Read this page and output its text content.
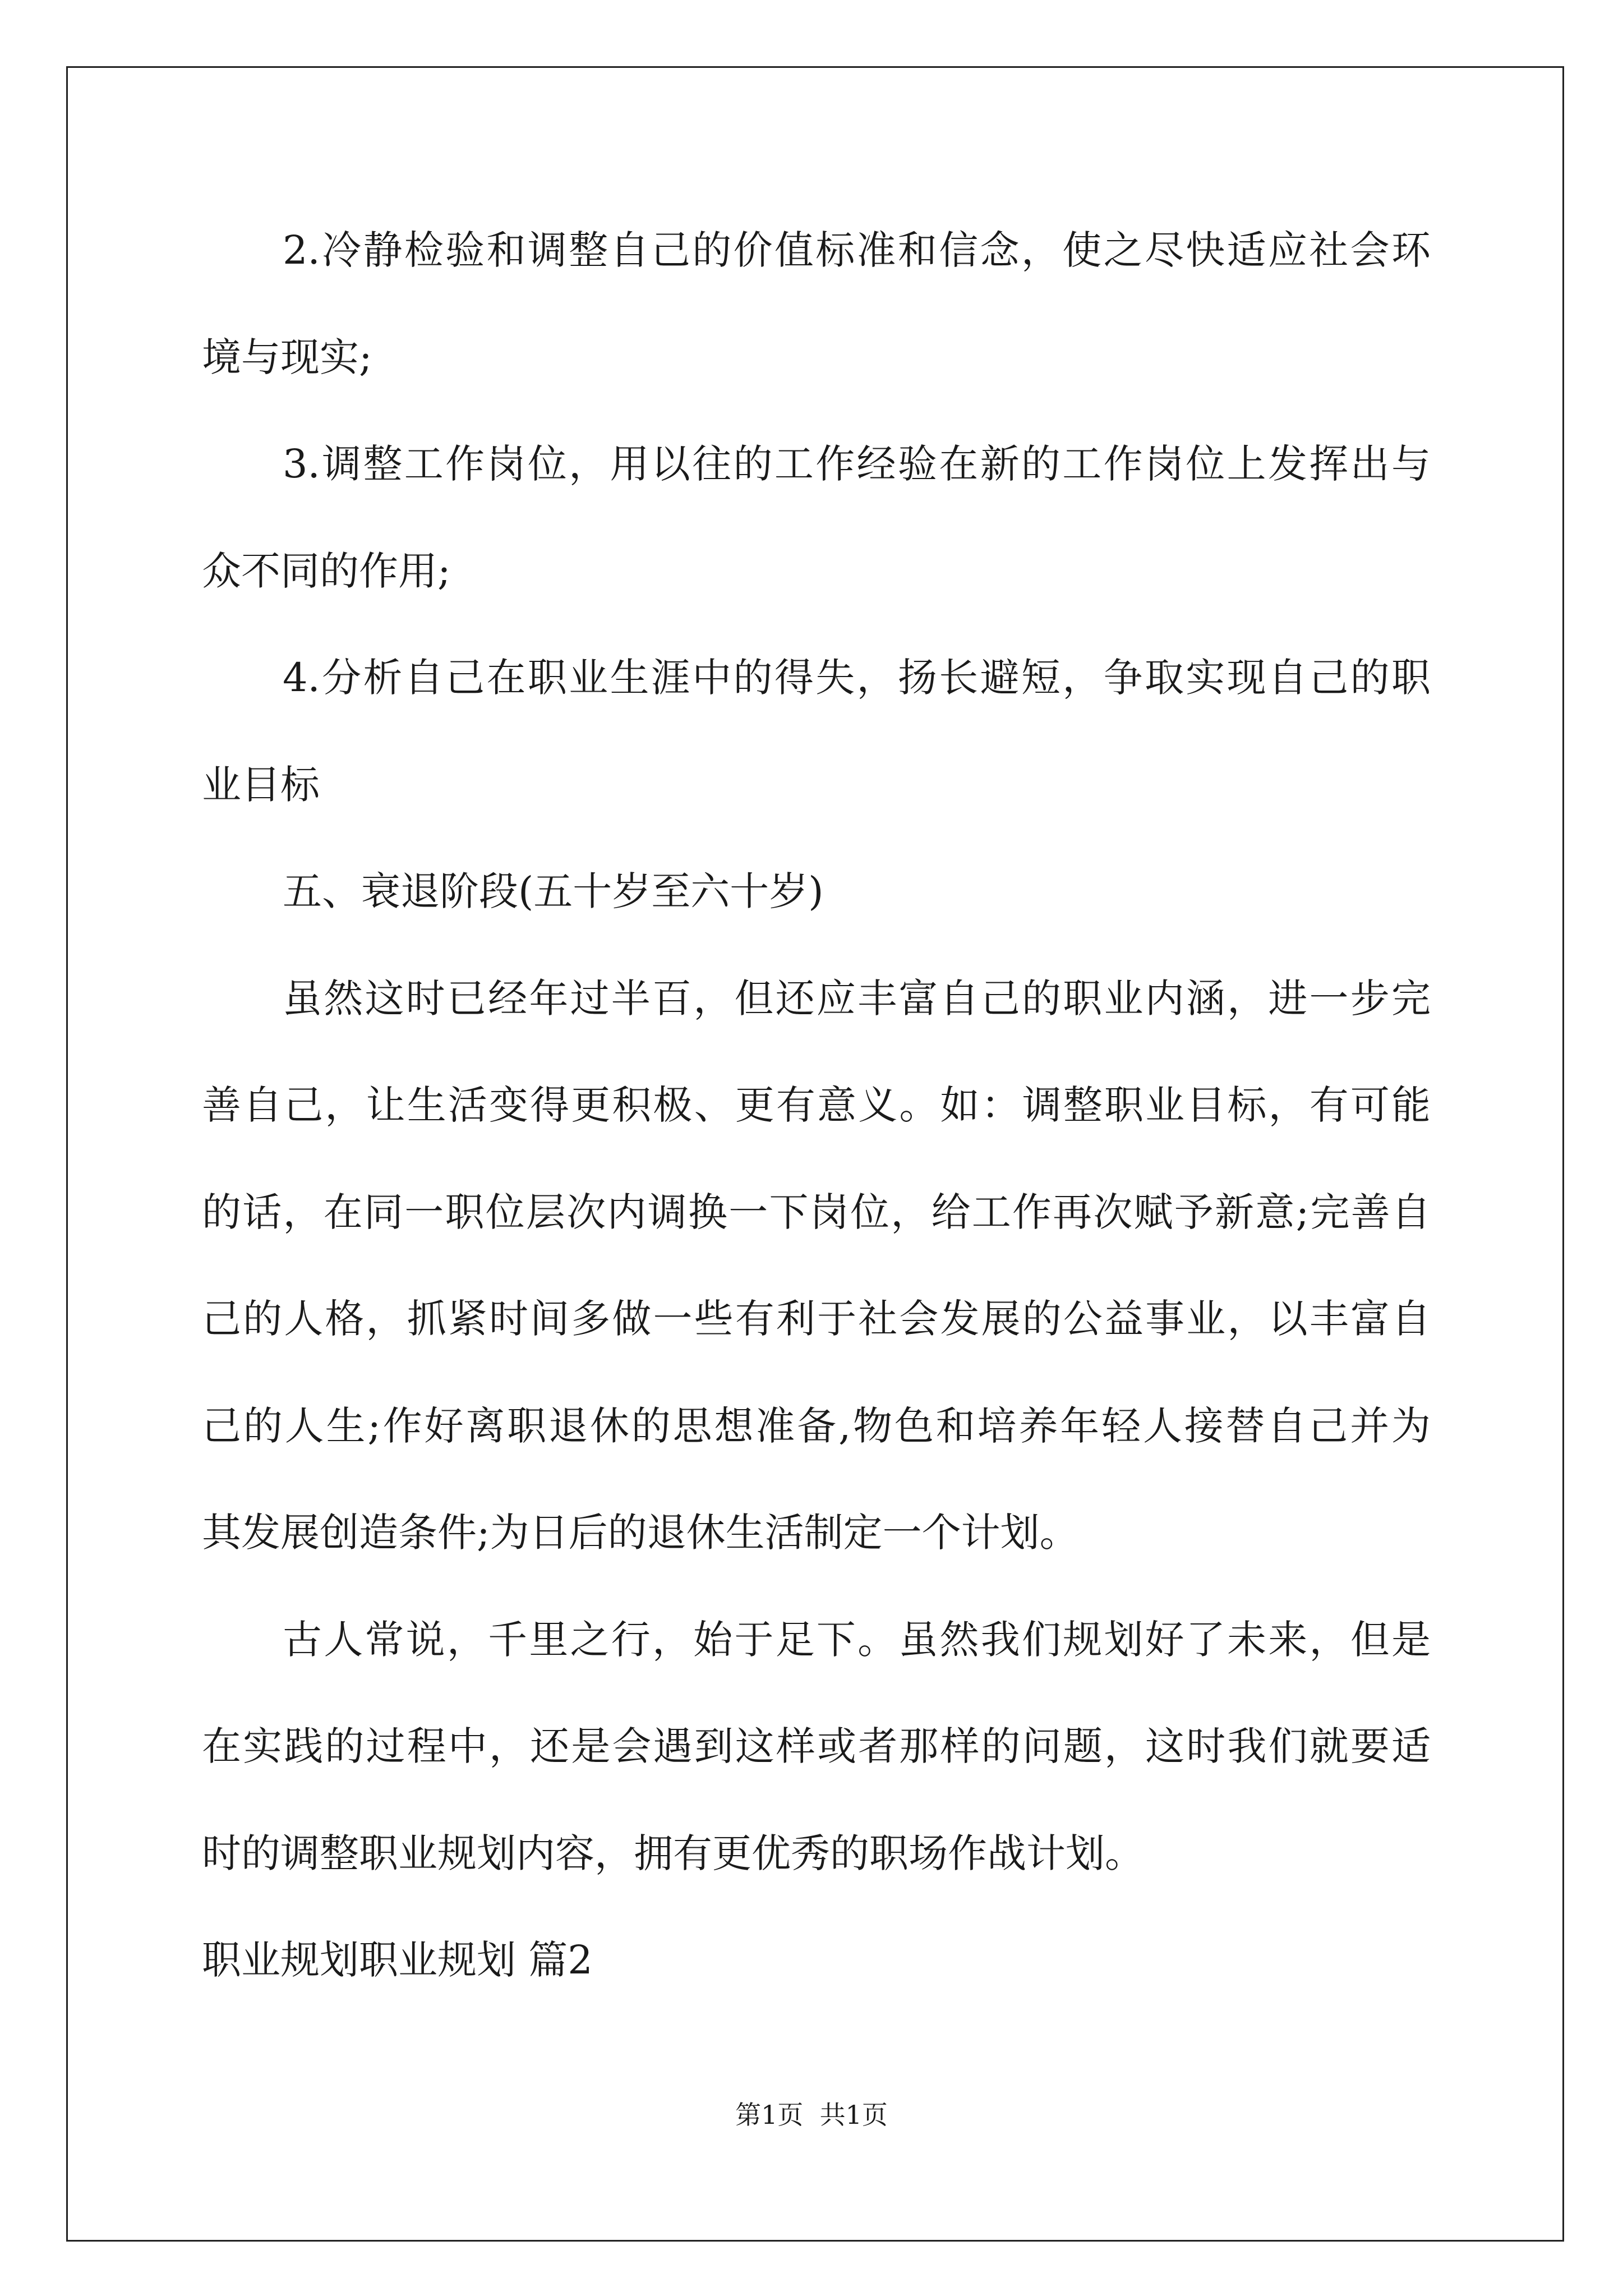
2.冷静检验和调整自己的价值标准和信念，使之尽快适应社会环
境与现实;
3.调整工作岗位，用以往的工作经验在新的工作岗位上发挥出与
众不同的作用;
4.分析自己在职业生涯中的得失，扬长避短，争取实现自己的职
业目标
五、衰退阶段(五十岁至六十岁)
虽然这时已经年过半百，但还应丰富自己的职业内涵，进一步完
善自己，让生活变得更积极、更有意义。如：调整职业目标，有可能
的话，在同一职位层次内调换一下岗位，给工作再次赋予新意;完善自
己的人格，抓紧时间多做一些有利于社会发展的公益事业，以丰富自
己的人生;作好离职退休的思想准备,物色和培养年轻人接替自己并为
其发展创造条件;为日后的退休生活制定一个计划。
古人常说，千里之行，始于足下。虽然我们规划好了未来，但是
在实践的过程中，还是会遇到这样或者那样的问题，这时我们就要适
时的调整职业规划内容，拥有更优秀的职场作战计划。
职业规划职业规划 篇2
第1页  共1页
